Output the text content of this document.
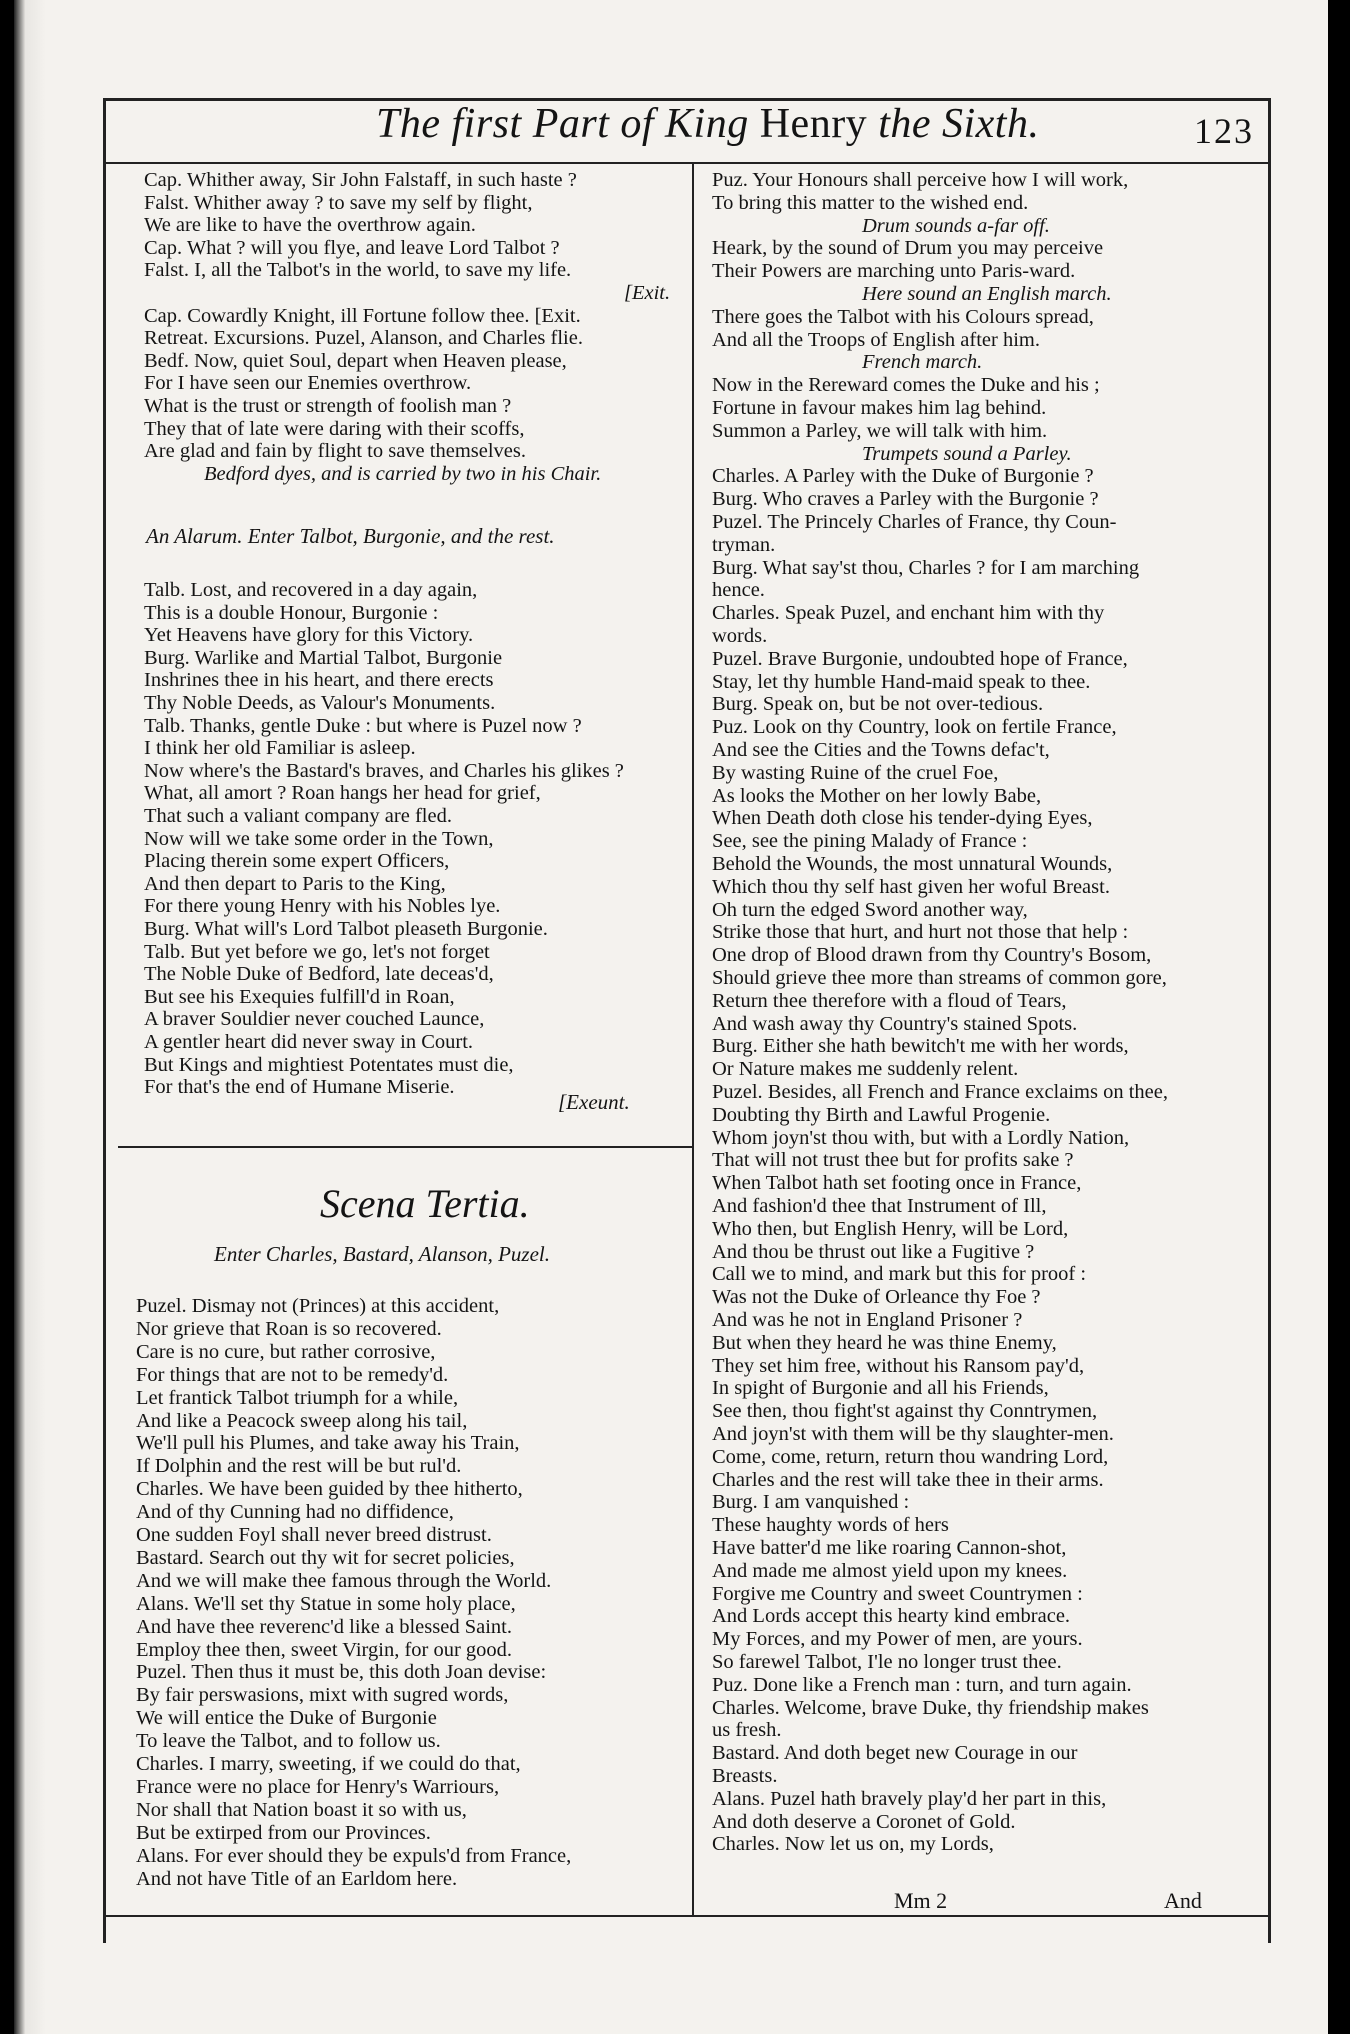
The first Part of King Henry the Sixth.	123
Cap. Whither away, Sir John Falstaff, in such haste ?
Falst. Whither away ? to save my self by flight,
We are like to have the overthrow again.
Cap. What ? will you flye, and leave Lord Talbot ?
Falst. I, all the Talbot's in the world, to save my life.
[Exit.
Cap. Cowardly Knight, ill Fortune follow thee. [Exit.
Retreat. Excursions. Puzel, Alanson, and Charles flie.
Bedf. Now, quiet Soul, depart when Heaven please,
For I have seen our Enemies overthrow.
What is the trust or strength of foolish man ?
They that of late were daring with their scoffs,
Are glad and fain by flight to save themselves.
Bedford dyes, and is carried by two in his Chair.
An Alarum. Enter Talbot, Burgonie, and the rest.
Talb. Lost, and recovered in a day again,
This is a double Honour, Burgonie :
Yet Heavens have glory for this Victory.
Burg. Warlike and Martial Talbot, Burgonie
Inshrines thee in his heart, and there erects
Thy Noble Deeds, as Valour's Monuments.
Talb. Thanks, gentle Duke : but where is Puzel now ?
I think her old Familiar is asleep.
Now where's the Bastard's braves, and Charles his glikes ?
What, all amort ? Roan hangs her head for grief,
That such a valiant company are fled.
Now will we take some order in the Town,
Placing therein some expert Officers,
And then depart to Paris to the King,
For there young Henry with his Nobles lye.
Burg. What will's Lord Talbot pleaseth Burgonie.
Talb. But yet before we go, let's not forget
The Noble Duke of Bedford, late deceas'd,
But see his Exequies fulfill'd in Roan,
A braver Souldier never couched Launce,
A gentler heart did never sway in Court.
But Kings and mightiest Potentates must die,
For that's the end of Humane Miserie.
[Exeunt.
Scena Tertia.
Enter Charles, Bastard, Alanson, Puzel.
Puzel. Dismay not (Princes) at this accident,
Nor grieve that Roan is so recovered.
Care is no cure, but rather corrosive,
For things that are not to be remedy'd.
Let frantick Talbot triumph for a while,
And like a Peacock sweep along his tail,
We'll pull his Plumes, and take away his Train,
If Dolphin and the rest will be but rul'd.
Charles. We have been guided by thee hitherto,
And of thy Cunning had no diffidence,
One sudden Foyl shall never breed distrust.
Bastard. Search out thy wit for secret policies,
And we will make thee famous through the World.
Alans. We'll set thy Statue in some holy place,
And have thee reverenc'd like a blessed Saint.
Employ thee then, sweet Virgin, for our good.
Puzel. Then thus it must be, this doth Joan devise:
By fair perswasions, mixt with sugred words,
We will entice the Duke of Burgonie
To leave the Talbot, and to follow us.
Charles. I marry, sweeting, if we could do that,
France were no place for Henry's Warriours,
Nor shall that Nation boast it so with us,
But be extirped from our Provinces.
Alans. For ever should they be expuls'd from France,
And not have Title of an Earldom here.
Puz. Your Honours shall perceive how I will work,
To bring this matter to the wished end.
Drum sounds a-far off.
Heark, by the sound of Drum you may perceive
Their Powers are marching unto Paris-ward.
Here sound an English march.
There goes the Talbot with his Colours spread,
And all the Troops of English after him.
French march.
Now in the Rereward comes the Duke and his ;
Fortune in favour makes him lag behind.
Summon a Parley, we will talk with him.
Trumpets sound a Parley.
Charles. A Parley with the Duke of Burgonie ?
Burg. Who craves a Parley with the Burgonie ?
Puzel. The Princely Charles of France, thy Coun-
tryman.
Burg. What say'st thou, Charles ? for I am marching
hence.
Charles. Speak Puzel, and enchant him with thy
words.
Puzel. Brave Burgonie, undoubted hope of France,
Stay, let thy humble Hand-maid speak to thee.
Burg. Speak on, but be not over-tedious.
Puz. Look on thy Country, look on fertile France,
And see the Cities and the Towns defac't,
By wasting Ruine of the cruel Foe,
As looks the Mother on her lowly Babe,
When Death doth close his tender-dying Eyes,
See, see the pining Malady of France :
Behold the Wounds, the most unnatural Wounds,
Which thou thy self hast given her woful Breast.
Oh turn the edged Sword another way,
Strike those that hurt, and hurt not those that help :
One drop of Blood drawn from thy Country's Bosom,
Should grieve thee more than streams of common gore,
Return thee therefore with a floud of Tears,
And wash away thy Country's stained Spots.
Burg. Either she hath bewitch't me with her words,
Or Nature makes me suddenly relent.
Puzel. Besides, all French and France exclaims on thee,
Doubting thy Birth and Lawful Progenie.
Whom joyn'st thou with, but with a Lordly Nation,
That will not trust thee but for profits sake ?
When Talbot hath set footing once in France,
And fashion'd thee that Instrument of Ill,
Who then, but English Henry, will be Lord,
And thou be thrust out like a Fugitive ?
Call we to mind, and mark but this for proof :
Was not the Duke of Orleance thy Foe ?
And was he not in England Prisoner ?
But when they heard he was thine Enemy,
They set him free, without his Ransom pay'd,
In spight of Burgonie and all his Friends,
See then, thou fight'st against thy Conntrymen,
And joyn'st with them will be thy slaughter-men.
Come, come, return, return thou wandring Lord,
Charles and the rest will take thee in their arms.
Burg. I am vanquished :
These haughty words of hers
Have batter'd me like roaring Cannon-shot,
And made me almost yield upon my knees.
Forgive me Country and sweet Countrymen :
And Lords accept this hearty kind embrace.
My Forces, and my Power of men, are yours.
So farewel Talbot, I'le no longer trust thee.
Puz. Done like a French man : turn, and turn again.
Charles. Welcome, brave Duke, thy friendship makes
us fresh.
Bastard. And doth beget new Courage in our
Breasts.
Alans. Puzel hath bravely play'd her part in this,
And doth deserve a Coronet of Gold.
Charles. Now let us on, my Lords,
Mm 2	And
